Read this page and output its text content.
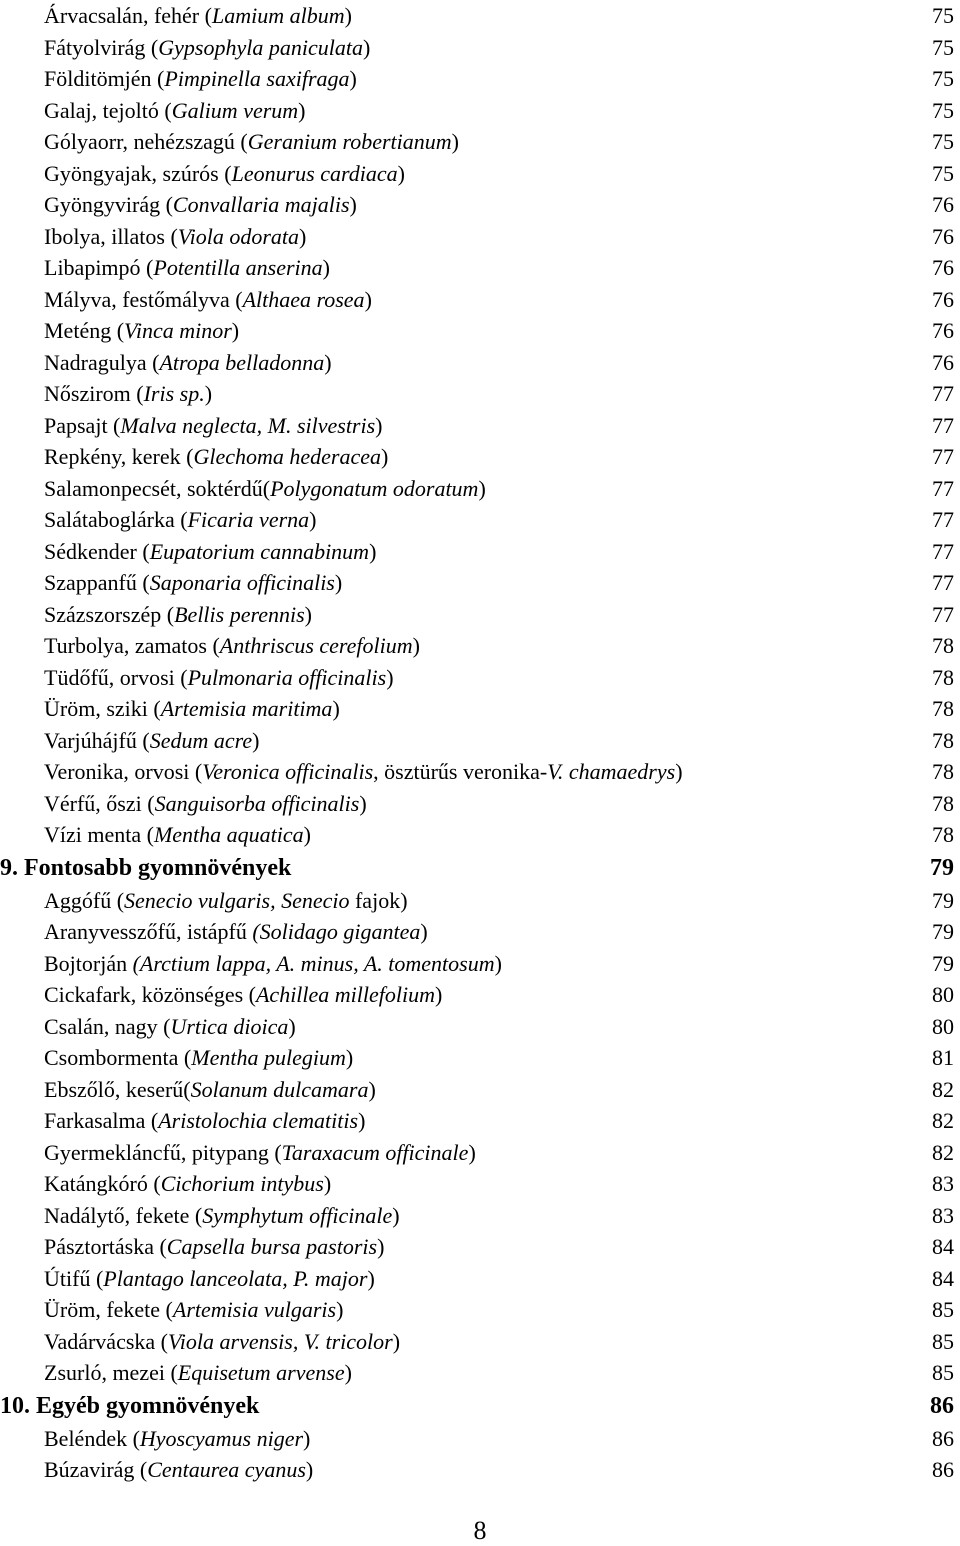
Árvacsalán, fehér (Lamium album)	75
Fátyolvirág (Gypsophyla paniculata)	75
Földitömjén (Pimpinella saxifraga)	75
Galaj, tejoltó (Galium verum)	75
Gólyaorr, nehézszagú (Geranium robertianum)	75
Gyöngyajak, szúrós (Leonurus cardiaca)	75
Gyöngyvirág (Convallaria majalis)	76
Ibolya, illatos (Viola odorata)	76
Libapimpó (Potentilla anserina)	76
Mályva, festőmályva (Althaea rosea)	76
Meténg (Vinca minor)	76
Nadragulya (Atropa belladonna)	76
Nőszirom (Iris sp.)	77
Papsajt (Malva neglecta, M. silvestris)	77
Repkény, kerek (Glechoma hederacea)	77
Salamonpecsét, soktérdű(Polygonatum odoratum)	77
Salátaboglárka (Ficaria verna)	77
Sédkender (Eupatorium cannabinum)	77
Szappanfű (Saponaria officinalis)	77
Százszorszép (Bellis perennis)	77
Turbolya, zamatos (Anthriscus cerefolium)	78
Tüdőfű, orvosi (Pulmonaria officinalis)	78
Üröm, sziki (Artemisia maritima)	78
Varjúhájfű (Sedum acre)	78
Veronika, orvosi (Veronica officinalis, ösztürűs veronika-V. chamaedrys)	78
Vérfű, őszi (Sanguisorba officinalis)	78
Vízi menta (Mentha aquatica)	78
9. Fontosabb gyomnövények	79
Aggófű (Senecio vulgaris, Senecio fajok)	79
Aranyvesszőfű, istápfű (Solidago gigantea)	79
Bojtorján (Arctium lappa, A. minus, A. tomentosum)	79
Cickafark, közönséges (Achillea millefolium)	80
Csalán, nagy (Urtica dioica)	80
Csombormenta (Mentha pulegium)	81
Ebszőlő, keserű(Solanum dulcamara)	82
Farkasalma (Aristolochia clematitis)	82
Gyermekláncfű, pitypang (Taraxacum officinale)	82
Katángkóró (Cichorium intybus)	83
Nadálytő, fekete (Symphytum officinale)	83
Pásztortáska (Capsella bursa pastoris)	84
Útifű (Plantago lanceolata, P. major)	84
Üröm, fekete (Artemisia vulgaris)	85
Vadárvácska (Viola arvensis, V. tricolor)	85
Zsurló, mezei (Equisetum arvense)	85
10. Egyéb gyomnövények	86
Beléndek (Hyoscyamus niger)	86
Búzavirág (Centaurea cyanus)	86
8
